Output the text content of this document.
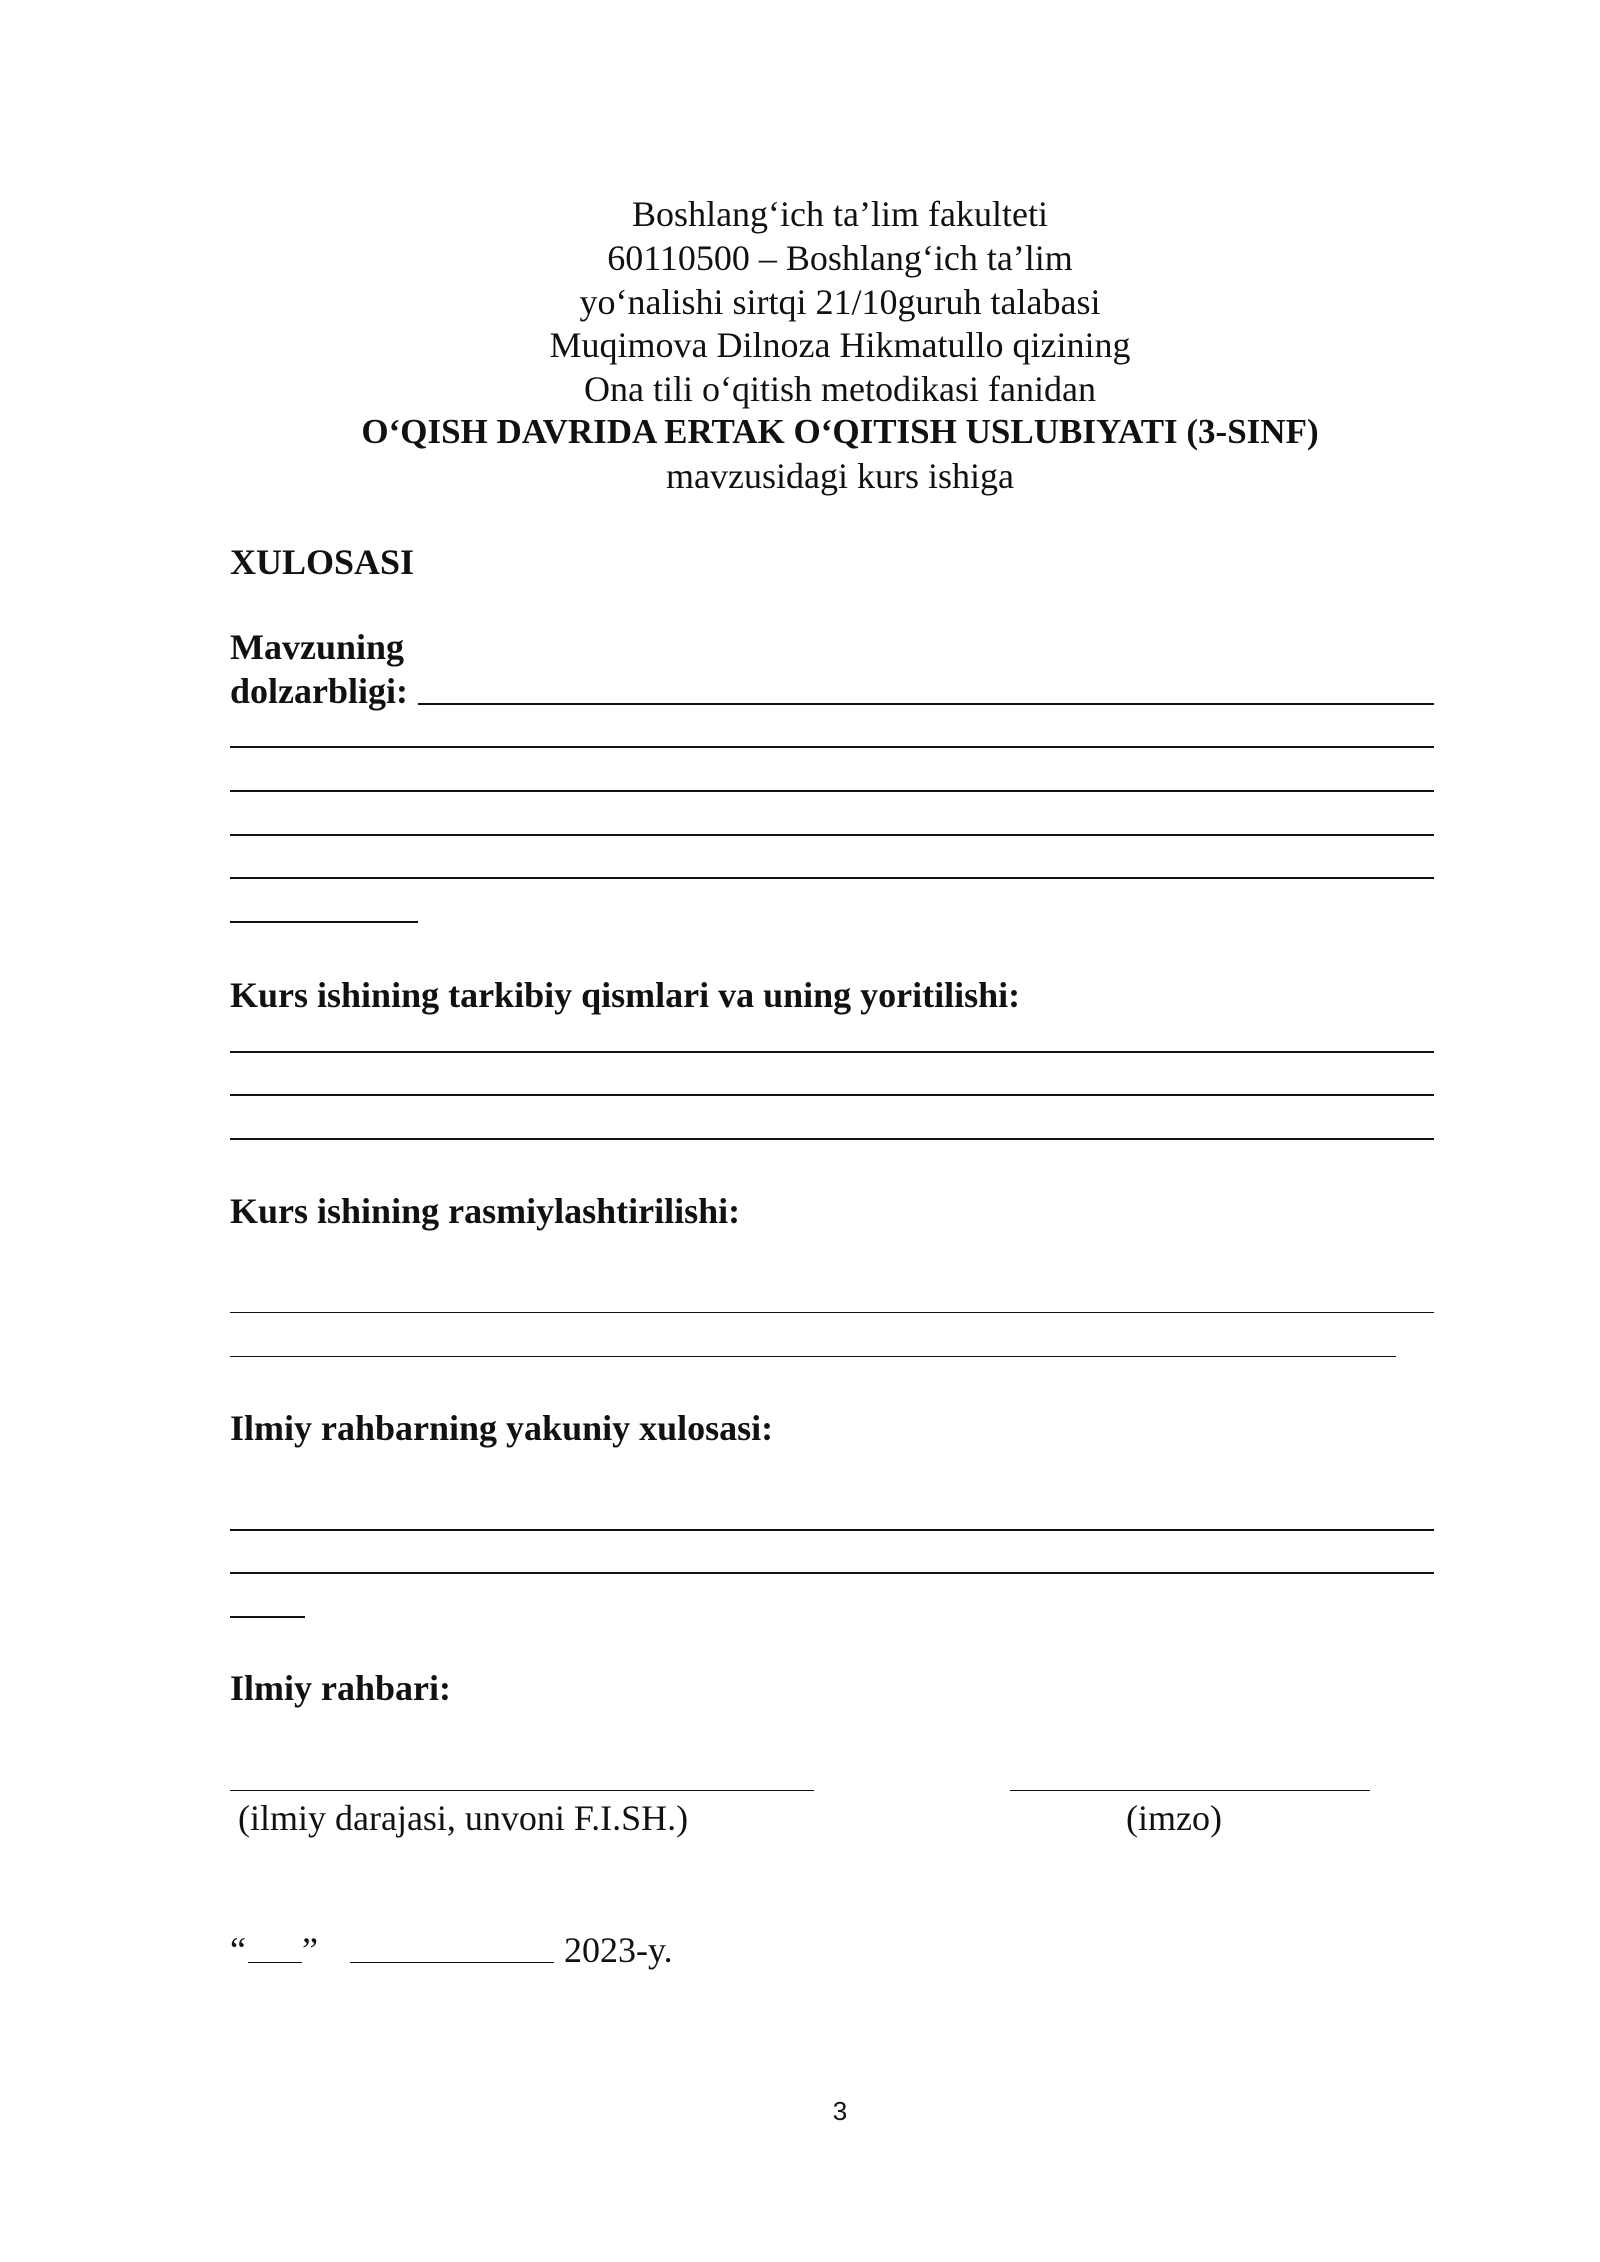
Boshlang‘ich ta’lim fakulteti
60110500 – Boshlang‘ich ta’lim
yo‘nalishi sirtqi 21/10guruh talabasi
Muqimova Dilnoza Hikmatullo qizining
Ona tili o‘qitish metodikasi fanidan
O‘QISH DAVRIDA ERTAK O‘QITISH USLUBIYATI (3-SINF)
mavzusidagi kurs ishiga
XULOSASI
Mavzuning
dolzarbligi:
Kurs ishining tarkibiy qismlari va uning yoritilishi:
Kurs ishining rasmiylashtirilishi:
Ilmiy rahbarning yakuniy xulosasi:
Ilmiy rahbari:
(ilmiy darajasi, unvoni F.I.SH.)	(imzo)
“ ”	2023-y.
3
